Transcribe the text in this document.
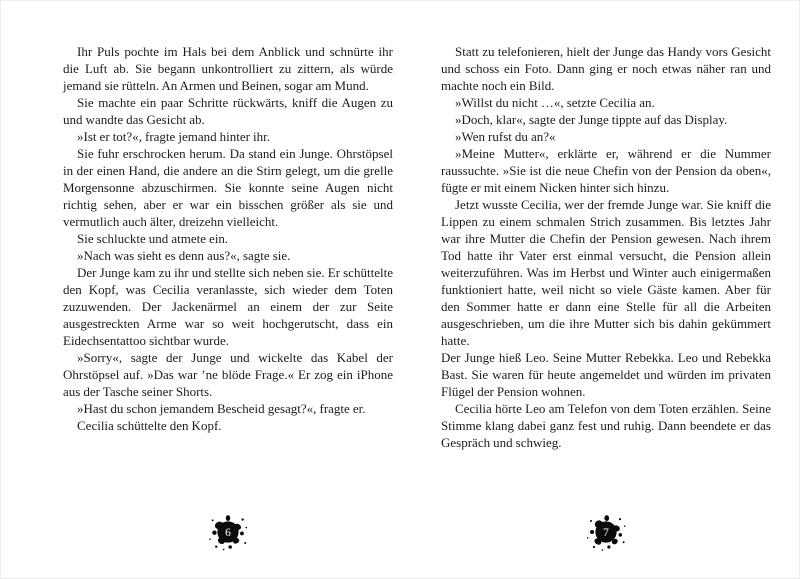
Ihr Puls pochte im Hals bei dem Anblick und schnürte ihr die Luft ab. Sie begann unkontrolliert zu zittern, als würde jemand sie rütteln. An Armen und Beinen, sogar am Mund.

Sie machte ein paar Schritte rückwärts, kniff die Augen zu und wandte das Gesicht ab.

»Ist er tot?«, fragte jemand hinter ihr.

Sie fuhr erschrocken herum. Da stand ein Junge. Ohrstöpsel in der einen Hand, die andere an die Stirn gelegt, um die grelle Morgensonne abzuschirmen. Sie konnte seine Augen nicht richtig sehen, aber er war ein bisschen größer als sie und vermutlich auch älter, dreizehn vielleicht.

Sie schluckte und atmete ein.

»Nach was sieht es denn aus?«, sagte sie.

Der Junge kam zu ihr und stellte sich neben sie. Er schüttelte den Kopf, was Cecilia veranlasste, sich wieder dem Toten zuzuwenden. Der Jackenärmel an einem der zur Seite ausgestreckten Arme war so weit hochgerutscht, dass ein Eidechsentattoo sichtbar wurde.

»Sorry«, sagte der Junge und wickelte das Kabel der Ohrstöpsel auf. »Das war ’ne blöde Frage.« Er zog ein iPhone aus der Tasche seiner Shorts.

»Hast du schon jemandem Bescheid gesagt?«, fragte er.

Cecilia schüttelte den Kopf.

6

Statt zu telefonieren, hielt der Junge das Handy vors Gesicht und schoss ein Foto. Dann ging er noch etwas näher ran und machte noch ein Bild.

»Willst du nicht …«, setzte Cecilia an.

»Doch, klar«, sagte der Junge tippte auf das Display.

»Wen rufst du an?«

»Meine Mutter«, erklärte er, während er die Nummer raussuchte. »Sie ist die neue Chefin von der Pension da oben«, fügte er mit einem Nicken hinter sich hinzu.

Jetzt wusste Cecilia, wer der fremde Junge war. Sie kniff die Lippen zu einem schmalen Strich zusammen. Bis letztes Jahr war ihre Mutter die Chefin der Pension gewesen. Nach ihrem Tod hatte ihr Vater erst einmal versucht, die Pension allein weiterzuführen. Was im Herbst und Winter auch einigermaßen funktioniert hatte, weil nicht so viele Gäste kamen. Aber für den Sommer hatte er dann eine Stelle für all die Arbeiten ausgeschrieben, um die ihre Mutter sich bis dahin gekümmert hatte.

Der Junge hieß Leo. Seine Mutter Rebekka. Leo und Rebekka Bast. Sie waren für heute angemeldet und würden im privaten Flügel der Pension wohnen.

Cecilia hörte Leo am Telefon von dem Toten erzählen. Seine Stimme klang dabei ganz fest und ruhig. Dann beendete er das Gespräch und schwieg.

7
